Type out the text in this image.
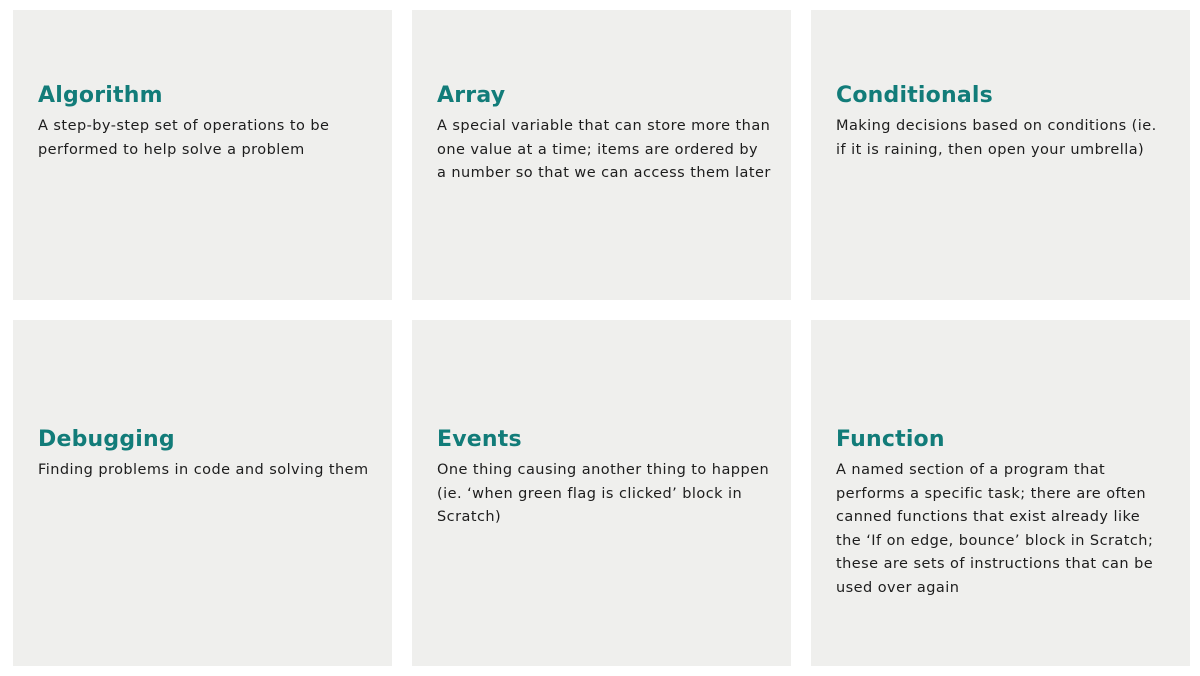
Algorithm

A step-by-step set of operations to be performed to help solve a problem

Array

A special variable that can store more than one value at a time; items are ordered by a number so that we can access them later

Conditionals

Making decisions based on conditions (ie. if it is raining, then open your umbrella)

Debugging

Finding problems in code and solving them

Events

One thing causing another thing to happen (ie. ‘when green flag is clicked’ block in Scratch)

Function

A named section of a program that performs a specific task; there are often canned functions that exist already like the ‘If on edge, bounce’ block in Scratch; these are sets of instructions that can be used over again
